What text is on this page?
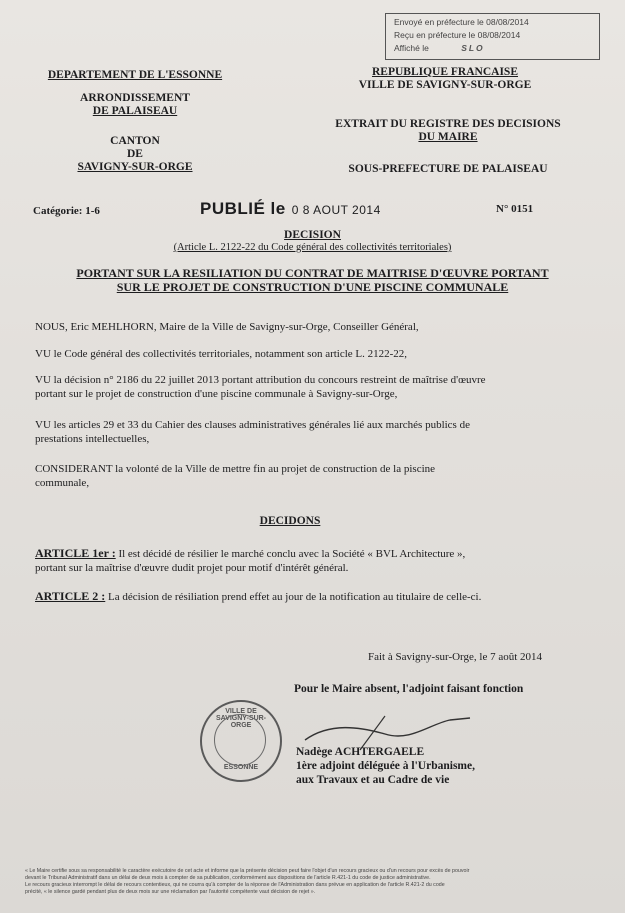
Envoyé en préfecture le 08/08/2014
Reçu en préfecture le 08/08/2014
Affiché le	SLO
DEPARTEMENT DE L'ESSONNE
ARRONDISSEMENT
DE PALAISEAU
CANTON
DE
SAVIGNY-SUR-ORGE
REPUBLIQUE FRANCAISE
VILLE DE SAVIGNY-SUR-ORGE
EXTRAIT DU REGISTRE DES DECISIONS
DU MAIRE
SOUS-PREFECTURE DE PALAISEAU
Catégorie: 1-6	PUBLIÉ le 0 8 AOUT 2014	N° 0151
DECISION
(Article L. 2122-22 du Code général des collectivités territoriales)
PORTANT SUR LA RESILIATION DU CONTRAT DE MAITRISE D'ŒUVRE PORTANT
SUR LE PROJET DE CONSTRUCTION D'UNE PISCINE COMMUNALE
NOUS, Eric MEHLHORN, Maire de la Ville de Savigny-sur-Orge, Conseiller Général,
VU le Code général des collectivités territoriales, notamment son article L. 2122-22,
VU la décision n° 2186 du 22 juillet 2013 portant attribution du concours restreint de maîtrise d'œuvre
portant sur le projet de construction d'une piscine communale à Savigny-sur-Orge,
VU les articles 29 et 33 du Cahier des clauses administratives générales lié aux marchés publics de
prestations intellectuelles,
CONSIDERANT la volonté de la Ville de mettre fin au projet de construction de la piscine
communale,
DECIDONS
ARTICLE 1er : Il est décidé de résilier le marché conclu avec la Société « BVL Architecture »,
portant sur la maîtrise d'œuvre dudit projet pour motif d'intérêt général.
ARTICLE 2 : La décision de résiliation prend effet au jour de la notification au titulaire de celle-ci.
Fait à Savigny-sur-Orge, le 7 août 2014
Pour le Maire absent, l'adjoint faisant fonction
VILLE DE SAVIGNY-SUR-ORGE
ESSONNE
Nadège ACHTERGAELE
1ère adjoint déléguée à l'Urbanisme,
aux Travaux et au Cadre de vie
« Le Maire certifie sous sa responsabilité le caractère exécutoire de cet acte et informe que la présente décision peut faire l'objet d'un recours gracieux ou d'un recours pour excès de pouvoir
devant le Tribunal Administratif dans un délai de deux mois à compter de sa publication, conformément aux dispositions de l'article R.421-1 du code de justice administrative.
Le recours gracieux interrompt le délai de recours contentieux, qui ne courra qu'à compter de la réponse de l'Administration dans prévue en application de l'article R.421-2 du code
précité, « le silence gardé pendant plus de deux mois sur une réclamation par l'autorité compétente vaut décision de rejet ».
